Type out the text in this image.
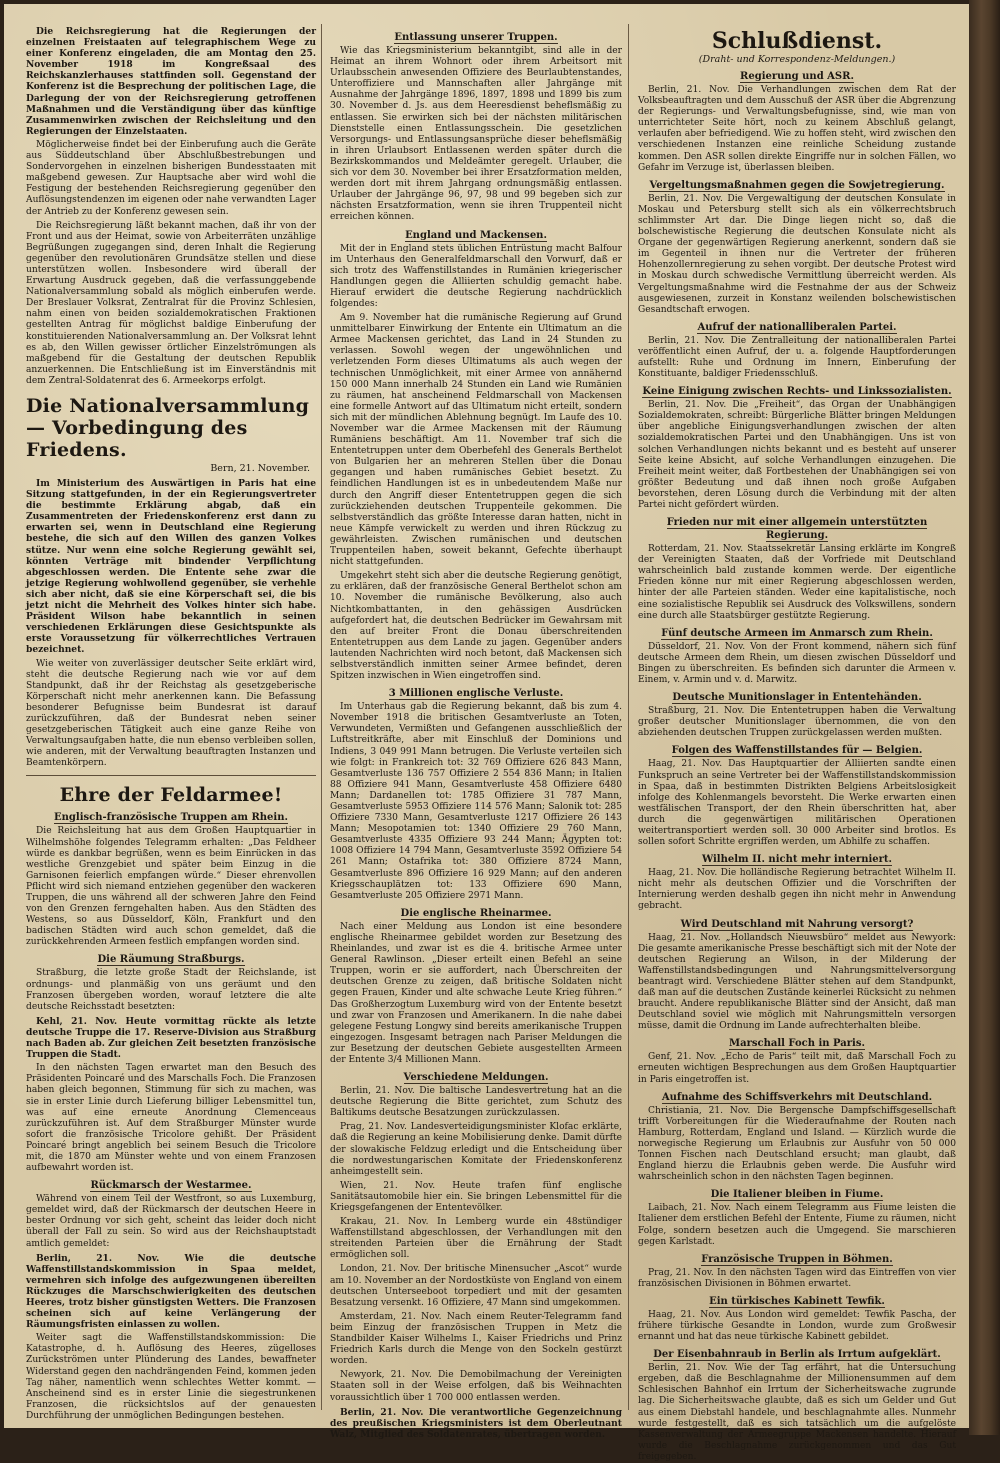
Die Reichsregierung hat die Regierungen der einzelnen Freistaaten auf telegraphischem Wege zu einer Konferenz eingeladen, die am Montag den 25. November 1918 im Kongreßsaal des Reichskanzlerhauses stattfinden soll. Gegenstand der Konferenz ist die Besprechung der politischen Lage, die Darlegung der von der Reichsregierung getroffenen Maßnahmen und die Verständigung über das künftige Zusammenwirken zwischen der Reichsleitung und den Regierungen der Einzelstaaten.

Möglicherweise findet bei der Einberufung auch die Geräte aus Süddeutschland über Abschlußbestrebungen und Sondervorgehen in einzelnen bisherigen Bundesstaaten mit maßgebend gewesen. Zur Hauptsache aber wird wohl die Festigung der bestehenden Reichsregierung gegenüber den Auflösungstendenzen im eigenen oder nahe verwandten Lager der Antrieb zu der Konferenz gewesen sein.

Die Reichsregierung läßt bekannt machen, daß ihr von der Front und aus der Heimat, sowie von Arbeiterräten unzählige Begrüßungen zugegangen sind, deren Inhalt die Regierung gegenüber den revolutionären Grundsätze stellen und diese unterstützen wollen. Insbesondere wird überall der Erwartung Ausdruck gegeben, daß die verfassunggebende Nationalversammlung sobald als möglich einberufen werde. Der Breslauer Volksrat, Zentralrat für die Provinz Schlesien, nahm einen von beiden sozialdemokratischen Fraktionen gestellten Antrag für möglichst baldige Einberufung der konstituierenden Nationalversammlung an. Der Volksrat lehnt es ab, den Willen gewisser örtlicher Einzelströmungen als maßgebend für die Gestaltung der deutschen Republik anzuerkennen. Die Entschließung ist im Einverständnis mit dem Zentral-Soldatenrat des 6. Armeekorps erfolgt.

Die Nationalversammlung — Vorbedingung des Friedens.
Bern, 21. November.

Im Ministerium des Auswärtigen in Paris hat eine Sitzung stattgefunden, in der ein Regierungsvertreter die bestimmte Erklärung abgab, daß ein Zusammentreten der Friedenskonferenz erst dann zu erwarten sei, wenn in Deutschland eine Regierung bestehe, die sich auf den Willen des ganzen Volkes stütze. Nur wenn eine solche Regierung gewählt sei, könnten Verträge mit bindender Verpflichtung abgeschlossen werden. Die Entente sehe zwar die jetzige Regierung wohlwollend gegenüber, sie verhehle sich aber nicht, daß sie eine Körperschaft sei, die bis jetzt nicht die Mehrheit des Volkes hinter sich habe. Präsident Wilson habe bekanntlich in seinen verschiedenen Erklärungen diese Gesichtspunkte als erste Voraussetzung für völkerrechtliches Vertrauen bezeichnet.

Wie weiter von zuverlässiger deutscher Seite erklärt wird, steht die deutsche Regierung nach wie vor auf dem Standpunkt, daß ihr der Reichstag als gesetzgeberische Körperschaft nicht mehr anerkennen kann. Die Befassung besonderer Befugnisse beim Bundesrat ist darauf zurückzuführen, daß der Bundesrat neben seiner gesetzgeberischen Tätigkeit auch eine ganze Reihe von Verwaltungsaufgaben hatte, die nun ebenso verbleiben sollen, wie anderen, mit der Verwaltung beauftragten Instanzen und Beamtenkörpern.

Ehre der Feldarmee!
Englisch-französische Truppen am Rhein.

Die Reichsleitung hat aus dem Großen Hauptquartier in Wilhelmshöhe folgendes Telegramm erhalten: „Das Feldheer würde es dankbar begrüßen, wenn es beim Einrücken in das westliche Grenzgebiet und später beim Einzug in die Garnisonen feierlich empfangen würde.“ Dieser ehrenvollen Pflicht wird sich niemand entziehen gegenüber den wackeren Truppen, die uns während all der schweren Jahre den Feind von den Grenzen ferngehalten haben. Aus den Städten des Westens, so aus Düsseldorf, Köln, Frankfurt und den badischen Städten wird auch schon gemeldet, daß die zurückkehrenden Armeen festlich empfangen worden sind.

Die Räumung Straßburgs.

Straßburg, die letzte große Stadt der Reichslande, ist ordnungs- und planmäßig von uns geräumt und den Franzosen übergeben worden, worauf letztere die alte deutsche Reichsstadt besetzten:

Kehl, 21. Nov. Heute vormittag rückte als letzte deutsche Truppe die 17. Reserve-Division aus Straßburg nach Baden ab. Zur gleichen Zeit besetzten französische Truppen die Stadt.

In den nächsten Tagen erwartet man den Besuch des Präsidenten Poincaré und des Marschalls Foch. Die Franzosen haben gleich begonnen, Stimmung für sich zu machen, was sie in erster Linie durch Lieferung billiger Lebensmittel tun, was auf eine erneute Anordnung Clemenceaus zurückzuführen ist. Auf dem Straßburger Münster wurde sofort die französische Tricolore gehißt. Der Präsident Poincaré bringt angeblich bei seinem Besuch die Tricolore mit, die 1870 am Münster wehte und von einem Franzosen aufbewahrt worden ist.

Rückmarsch der Westarmee.

Während von einem Teil der Westfront, so aus Luxemburg, gemeldet wird, daß der Rückmarsch der deutschen Heere in bester Ordnung vor sich geht, scheint das leider doch nicht überall der Fall zu sein. So wird aus der Reichshauptstadt amtlich gemeldet:

Berlin, 21. Nov. Wie die deutsche Waffenstillstandskommission in Spaa meldet, vermehren sich infolge des aufgezwungenen übereilten Rückzuges die Marschschwierigkeiten des deutschen Heeres, trotz bisher günstigsten Wetters. Die Franzosen scheinen sich auf keine Verlängerung der Räumungsfristen einlassen zu wollen.

Weiter sagt die Waffenstillstandskommission: Die Katastrophe, d. h. Auflösung des Heeres, zügelloses Zurückströmen unter Plünderung des Landes, bewaffneter Widerstand gegen den nachdrängenden Feind, kommen jeden Tag näher, namentlich wenn schlechtes Wetter kommt. — Anscheinend sind es in erster Linie die siegestrunkenen Franzosen, die rücksichtslos auf der genauesten Durchführung der unmöglichen Bedingungen bestehen.

Entlassung unserer Truppen.

Wie das Kriegsministerium bekanntgibt, sind alle in der Heimat an ihrem Wohnort oder ihrem Arbeitsort mit Urlaubsschein anwesenden Offiziere des Beurlaubtenstandes, Unteroffiziere und Mannschaften aller Jahrgänge mit Ausnahme der Jahrgänge 1896, 1897, 1898 und 1899 bis zum 30. November d. Js. aus dem Heeresdienst beheflsmäßig zu entlassen. Sie erwirken sich bei der nächsten militärischen Dienststelle einen Entlassungsschein. Die gesetzlichen Versorgungs- und Entlassungsansprüche dieser beheflsmäßig in ihren Urlaubsort Entlassenen werden später durch die Bezirkskommandos und Meldeämter geregelt. Urlauber, die sich vor dem 30. November bei ihrer Ersatzformation melden, werden dort mit ihrem Jahrgang ordnungsmäßig entlassen. Urlauber der Jahrgänge 96, 97, 98 und 99 begeben sich zur nächsten Ersatzformation, wenn sie ihren Truppenteil nicht erreichen können.

England und Mackensen.

Mit der in England stets üblichen Entrüstung macht Balfour im Unterhaus den Generalfeldmarschall den Vorwurf, daß er sich trotz des Waffenstillstandes in Rumänien kriegerischer Handlungen gegen die Alliierten schuldig gemacht habe. Hierauf erwidert die deutsche Regierung nachdrücklich folgendes:

Am 9. November hat die rumänische Regierung auf Grund unmittelbarer Einwirkung der Entente ein Ultimatum an die Armee Mackensen gerichtet, das Land in 24 Stunden zu verlassen. Sowohl wegen der ungewöhnlichen und verletzenden Form dieses Ultimatums als auch wegen der technischen Unmöglichkeit, mit einer Armee von annähernd 150 000 Mann innerhalb 24 Stunden ein Land wie Rumänien zu räumen, hat anscheinend Feldmarschall von Mackensen eine formelle Antwort auf das Ultimatum nicht erteilt, sondern sich mit der mündlichen Ablehnung begnügt. Im Laufe des 10. November war die Armee Mackensen mit der Räumung Rumäniens beschäftigt. Am 11. November traf sich die Ententetruppen unter dem Oberbefehl des Generals Berthelot von Bulgarien her an mehreren Stellen über die Donau gegangen und haben rumänisches Gebiet besetzt. Zu feindlichen Handlungen ist es in unbedeutendem Maße nur durch den Angriff dieser Ententetruppen gegen die sich zurückziehenden deutschen Truppenteile gekommen. Die selbstverständlich das größte Interesse daran hatten, nicht in neue Kämpfe verwickelt zu werden und ihren Rückzug zu gewährleisten. Zwischen rumänischen und deutschen Truppenteilen haben, soweit bekannt, Gefechte überhaupt nicht stattgefunden.

Umgekehrt steht sich aber die deutsche Regierung genötigt, zu erklären, daß der französische General Berthelot schon am 10. November die rumänische Bevölkerung, also auch Nichtkombattanten, in den gehässigen Ausdrücken aufgefordert hat, die deutschen Bedrücker im Gewahrsam mit den auf breiter Front die Donau überschreitenden Ententetruppen aus dem Lande zu jagen. Gegenüber anders lautenden Nachrichten wird noch betont, daß Mackensen sich selbstverständlich inmitten seiner Armee befindet, deren Spitzen inzwischen in Wien eingetroffen sind.

3 Millionen englische Verluste.

Im Unterhaus gab die Regierung bekannt, daß bis zum 4. November 1918 die britischen Gesamtverluste an Toten, Verwundeten, Vermißten und Gefangenen ausschließlich der Luftstreitkräfte, aber mit Einschluß der Dominions und Indiens, 3 049 991 Mann betrugen. Die Verluste verteilen sich wie folgt: in Frankreich tot: 32 769 Offiziere 626 843 Mann, Gesamtverluste 136 757 Offiziere 2 554 836 Mann; in Italien 88 Offiziere 941 Mann, Gesamtverluste 458 Offiziere 6480 Mann; Dardanellen tot: 1785 Offiziere 31 787 Mann, Gesamtverluste 5953 Offiziere 114 576 Mann; Salonik tot: 285 Offiziere 7330 Mann, Gesamtverluste 1217 Offiziere 26 143 Mann; Mesopotamien tot: 1340 Offiziere 29 760 Mann, Gesamtverluste 4335 Offiziere 93 244 Mann; Ägypten tot: 1008 Offiziere 14 794 Mann, Gesamtverluste 3592 Offiziere 54 261 Mann; Ostafrika tot: 380 Offiziere 8724 Mann, Gesamtverluste 896 Offiziere 16 929 Mann; auf den anderen Kriegsschauplätzen tot: 133 Offiziere 690 Mann, Gesamtverluste 205 Offiziere 2971 Mann.

Die englische Rheinarmee.

Nach einer Meldung aus London ist eine besondere englische Rheinarmee gebildet worden zur Besetzung des Rheinlandes, und zwar ist es die 4. britische Armee unter General Rawlinson. „Dieser erteilt einen Befehl an seine Truppen, worin er sie auffordert, nach Überschreiten der deutschen Grenze zu zeigen, daß britische Soldaten nicht gegen Frauen, Kinder und alte schwache Leute Krieg führen.“ Das Großherzogtum Luxemburg wird von der Entente besetzt und zwar von Franzosen und Amerikanern. In die nahe dabei gelegene Festung Longwy sind bereits amerikanische Truppen eingezogen. Insgesamt betragen nach Pariser Meldungen die zur Besetzung der deutschen Gebiete ausgestellten Armeen der Entente 3/4 Millionen Mann.

Verschiedene Meldungen.

Berlin, 21. Nov. Die baltische Landesvertretung hat an die deutsche Regierung die Bitte gerichtet, zum Schutz des Baltikums deutsche Besatzungen zurückzulassen.

Prag, 21. Nov. Landesverteidigungsminister Klofac erklärte, daß die Regierung an keine Mobilisierung denke. Damit dürfte der slowakische Feldzug erledigt und die Entscheidung über die nordwestungarischen Komitate der Friedenskonferenz anheimgestellt sein.

Wien, 21. Nov. Heute trafen fünf englische Sanitätsautomobile hier ein. Sie bringen Lebensmittel für die Kriegsgefangenen der Ententevölker.

Krakau, 21. Nov. In Lemberg wurde ein 48stündiger Waffenstillstand abgeschlossen, der Verhandlungen mit den streitenden Parteien über die Ernährung der Stadt ermöglichen soll.

London, 21. Nov. Der britische Minensucher „Ascot“ wurde am 10. November an der Nordostküste von England von einem deutschen Unterseeboot torpediert und mit der gesamten Besatzung versenkt. 16 Offiziere, 47 Mann sind umgekommen.

Amsterdam, 21. Nov. Nach einem Reuter-Telegramm fand beim Einzug der französischen Truppen in Metz die Standbilder Kaiser Wilhelms I., Kaiser Friedrichs und Prinz Friedrich Karls durch die Menge von den Sockeln gestürzt worden.

Newyork, 21. Nov. Die Demobilmachung der Vereinigten Staaten soll in der Weise erfolgen, daß bis Weihnachten voraussichtlich über 1 700 000 entlassen werden.

Berlin, 21. Nov. Die verantwortliche Gegenzeichnung des preußischen Kriegsministers ist dem Oberleutnant Walz, Mitglied des Soldatenrates, übertragen worden.

Schlußdienst.
(Draht- und Korrespondenz-Meldungen.)
Regierung und ASR.

Berlin, 21. Nov. Die Verhandlungen zwischen dem Rat der Volksbeauftragten und dem Ausschuß der ASR über die Abgrenzung der Regierungs- und Verwaltungsbefugnisse, sind, wie man von unterrichteter Seite hört, noch zu keinem Abschluß gelangt, verlaufen aber befriedigend. Wie zu hoffen steht, wird zwischen den verschiedenen Instanzen eine reinliche Scheidung zustande kommen. Den ASR sollen direkte Eingriffe nur in solchen Fällen, wo Gefahr im Verzuge ist, überlassen bleiben.

Vergeltungsmaßnahmen gegen die Sowjetregierung.

Berlin, 21. Nov. Die Vergewaltigung der deutschen Konsulate in Moskau und Petersburg stellt sich als ein völkerrechtsbruch schlimmster Art dar. Die Dinge liegen nicht so, daß die bolschewistische Regierung die deutschen Konsulate nicht als Organe der gegenwärtigen Regierung anerkennt, sondern daß sie im Gegenteil in ihnen nur die Vertreter der früheren Hohenzollernregierung zu sehen vorgibt. Der deutsche Protest wird in Moskau durch schwedische Vermittlung überreicht werden. Als Vergeltungsmaßnahme wird die Festnahme der aus der Schweiz ausgewiesenen, zurzeit in Konstanz weilenden bolschewistischen Gesandtschaft erwogen.

Aufruf der nationalliberalen Partei.

Berlin, 21. Nov. Die Zentralleitung der nationalliberalen Partei veröffentlicht einen Aufruf, der u. a. folgende Hauptforderungen aufstellt: Ruhe und Ordnung im Innern, Einberufung der Konstituante, baldiger Friedensschluß.

Keine Einigung zwischen Rechts- und Linkssozialisten.

Berlin, 21. Nov. Die „Freiheit“, das Organ der Unabhängigen Sozialdemokraten, schreibt: Bürgerliche Blätter bringen Meldungen über angebliche Einigungsverhandlungen zwischen der alten sozialdemokratischen Partei und den Unabhängigen. Uns ist von solchen Verhandlungen nichts bekannt und es besteht auf unserer Seite keine Absicht, auf solche Verhandlungen einzugehen. Die Freiheit meint weiter, daß Fortbestehen der Unabhängigen sei von größter Bedeutung und daß ihnen noch große Aufgaben bevorstehen, deren Lösung durch die Verbindung mit der alten Partei nicht gefördert würden.

Frieden nur mit einer allgemein unterstützten Regierung.

Rotterdam, 21. Nov. Staatssekretär Lansing erklärte im Kongreß der Vereinigten Staaten, daß der Vorfriede mit Deutschland wahrscheinlich bald zustande kommen werde. Der eigentliche Frieden könne nur mit einer Regierung abgeschlossen werden, hinter der alle Parteien ständen. Weder eine kapitalistische, noch eine sozialistische Republik sei Ausdruck des Volkswillens, sondern eine durch alle Staatsbürger gestützte Regierung.

Fünf deutsche Armeen im Anmarsch zum Rhein.

Düsseldorf, 21. Nov. Von der Front kommend, nähern sich fünf deutsche Armeen dem Rhein, um diesen zwischen Düsseldorf und Bingen zu überschreiten. Es befinden sich darunter die Armeen v. Einem, v. Armin und v. d. Marwitz.

Deutsche Munitionslager in Ententehänden.

Straßburg, 21. Nov. Die Ententetruppen haben die Verwaltung großer deutscher Munitionslager übernommen, die von den abziehenden deutschen Truppen zurückgelassen werden mußten.

Folgen des Waffenstillstandes für — Belgien.

Haag, 21. Nov. Das Hauptquartier der Alliierten sandte einen Funkspruch an seine Vertreter bei der Waffenstillstandskommission in Spaa, daß in bestimmten Distrikten Belgiens Arbeitslosigkeit infolge des Kohlenmangels bevorsteht. Die Werke erwarten einen westfälischen Transport, der den Rhein überschritten hat, aber durch die gegenwärtigen militärischen Operationen weitertransportiert werden soll. 30 000 Arbeiter sind brotlos. Es sollen sofort Schritte ergriffen werden, um Abhilfe zu schaffen.

Wilhelm II. nicht mehr interniert.

Haag, 21. Nov. Die holländische Regierung betrachtet Wilhelm II. nicht mehr als deutschen Offizier und die Vorschriften der Internierung werden deshalb gegen ihn nicht mehr in Anwendung gebracht.

Wird Deutschland mit Nahrung versorgt?

Haag, 21. Nov. „Hollandsch Nieuwsbüro“ meldet aus Newyork: Die gesamte amerikanische Presse beschäftigt sich mit der Note der deutschen Regierung an Wilson, in der Milderung der Waffenstillstandsbedingungen und Nahrungsmittelversorgung beantragt wird. Verschiedene Blätter stehen auf dem Standpunkt, daß man auf die deutschen Zustände keinerlei Rücksicht zu nehmen braucht. Andere republikanische Blätter sind der Ansicht, daß man Deutschland soviel wie möglich mit Nahrungsmitteln versorgen müsse, damit die Ordnung im Lande aufrechterhalten bleibe.

Marschall Foch in Paris.

Genf, 21. Nov. „Echo de Paris“ teilt mit, daß Marschall Foch zu erneuten wichtigen Besprechungen aus dem Großen Hauptquartier in Paris eingetroffen ist.

Aufnahme des Schiffsverkehrs mit Deutschland.

Christiania, 21. Nov. Die Bergensche Dampfschiffsgesellschaft trifft Vorbereitungen für die Wiederaufnahme der Routen nach Hamburg, Rotterdam, England und Island. — Kürzlich wurde die norwegische Regierung um Erlaubnis zur Ausfuhr von 50 000 Tonnen Fischen nach Deutschland ersucht; man glaubt, daß England hierzu die Erlaubnis geben werde. Die Ausfuhr wird wahrscheinlich schon in den nächsten Tagen beginnen.

Die Italiener bleiben in Fiume.

Laibach, 21. Nov. Nach einem Telegramm aus Fiume leisten die Italiener dem erstlichen Befehl der Entente, Fiume zu räumen, nicht Folge, sondern besetzen auch die Umgegend. Sie marschieren gegen Karlstadt.

Französische Truppen in Böhmen.

Prag, 21. Nov. In den nächsten Tagen wird das Eintreffen von vier französischen Divisionen in Böhmen erwartet.

Ein türkisches Kabinett Tewfik.

Haag, 21. Nov. Aus London wird gemeldet: Tewfik Pascha, der frühere türkische Gesandte in London, wurde zum Großwesir ernannt und hat das neue türkische Kabinett gebildet.

Der Eisenbahnraub in Berlin als Irrtum aufgeklärt.

Berlin, 21. Nov. Wie der Tag erfährt, hat die Untersuchung ergeben, daß die Beschlagnahme der Millionensummen auf dem Schlesischen Bahnhof ein Irrtum der Sicherheitswache zugrunde lag. Die Sicherheitswache glaubte, daß es sich um Gelder und Gut aus einem Diebstahl handele, und beschlagnahmte alles. Nunmehr wurde festgestellt, daß es sich tatsächlich um die aufgelöste Kassenverwaltung der Armeegruppe Mackensen handelte. Hierauf wurde die Beschlagnahme zurückgenommen und das Gut freigegeben.
